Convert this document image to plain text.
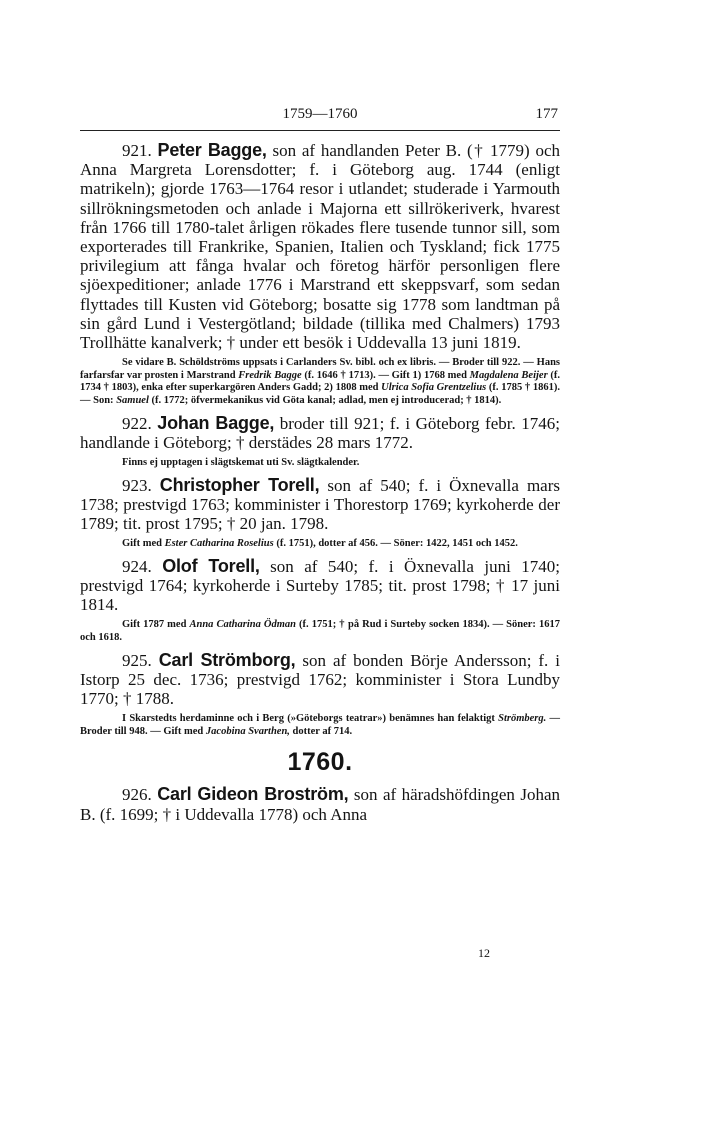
1759—1760	177

921. Peter Bagge, son af handlanden Peter B. († 1779) och Anna Margreta Lorensdotter; f. i Göteborg aug. 1744 (enligt matrikeln); gjorde 1763—1764 resor i utlandet; studerade i Yarmouth sillrökningsmetoden och anlade i Majorna ett sillrökeriverk, hvarest från 1766 till 1780-talet årligen rökades flere tusende tunnor sill, som exporterades till Frankrike, Spanien, Italien och Tyskland; fick 1775 privilegium att fånga hvalar och företog härför personligen flere sjöexpeditioner; anlade 1776 i Marstrand ett skeppsvarf, som sedan flyttades till Kusten vid Göteborg; bosatte sig 1778 som landtman på sin gård Lund i Vestergötland; bildade (tillika med Chalmers) 1793 Trollhätte kanalverk; † under ett besök i Uddevalla 13 juni 1819.

Se vidare B. Schöldströms uppsats i Carlanders Sv. bibl. och ex libris. — Broder till 922. — Hans farfarsfar var prosten i Marstrand Fredrik Bagge (f. 1646 † 1713). — Gift 1) 1768 med Magdalena Beijer (f. 1734 † 1803), enka efter superkargören Anders Gadd; 2) 1808 med Ulrica Sofia Grentzelius (f. 1785 † 1861). — Son: Samuel (f. 1772; öfvermekanikus vid Göta kanal; adlad, men ej introducerad; † 1814).

922. Johan Bagge, broder till 921; f. i Göteborg febr. 1746; handlande i Göteborg; † derstädes 28 mars 1772.

Finns ej upptagen i slägtskemat uti Sv. slägtkalender.

923. Christopher Torell, son af 540; f. i Öxnevalla mars 1738; prestvigd 1763; komminister i Thorestorp 1769; kyrkoherde der 1789; tit. prost 1795; † 20 jan. 1798.

Gift med Ester Catharina Roselius (f. 1751), dotter af 456. — Söner: 1422, 1451 och 1452.

924. Olof Torell, son af 540; f. i Öxnevalla juni 1740; prestvigd 1764; kyrkoherde i Surteby 1785; tit. prost 1798; † 17 juni 1814.

Gift 1787 med Anna Catharina Ödman (f. 1751; † på Rud i Surteby socken 1834). — Söner: 1617 och 1618.

925. Carl Strömborg, son af bonden Börje Andersson; f. i Istorp 25 dec. 1736; prestvigd 1762; komminister i Stora Lundby 1770; † 1788.

I Skarstedts herdaminne och i Berg (»Göteborgs teatrar») benämnes han felaktigt Strömberg. — Broder till 948. — Gift med Jacobina Svarthen, dotter af 714.

1760.

926. Carl Gideon Broström, son af häradshöfdingen Johan B. (f. 1699; † i Uddevalla 1778) och Anna

12
